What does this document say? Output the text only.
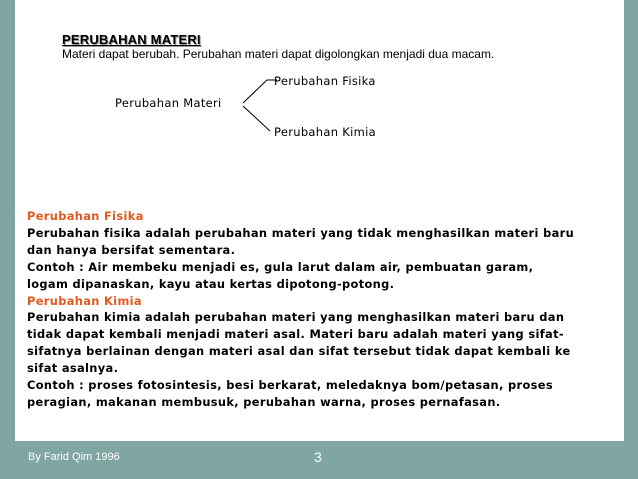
PERUBAHAN MATERI
Materi dapat berubah. Perubahan materi dapat digolongkan menjadi dua macam.
Perubahan Materi
Perubahan Fisika
Perubahan Kimia
Perubahan Fisika
Perubahan fisika adalah perubahan materi yang tidak menghasilkan materi baru
dan hanya bersifat sementara.
Contoh : Air membeku menjadi es, gula larut dalam air, pembuatan garam,
logam dipanaskan, kayu atau kertas dipotong-potong.
Perubahan Kimia
Perubahan kimia adalah perubahan materi yang menghasilkan materi baru dan
tidak dapat kembali menjadi materi asal. Materi baru adalah materi yang sifat-
sifatnya berlainan dengan materi asal dan sifat tersebut tidak dapat kembali ke
sifat asalnya.
Contoh : proses fotosintesis, besi berkarat, meledaknya bom/petasan, proses
peragian, makanan membusuk, perubahan warna, proses pernafasan.
By Farid Qim 1996	3
